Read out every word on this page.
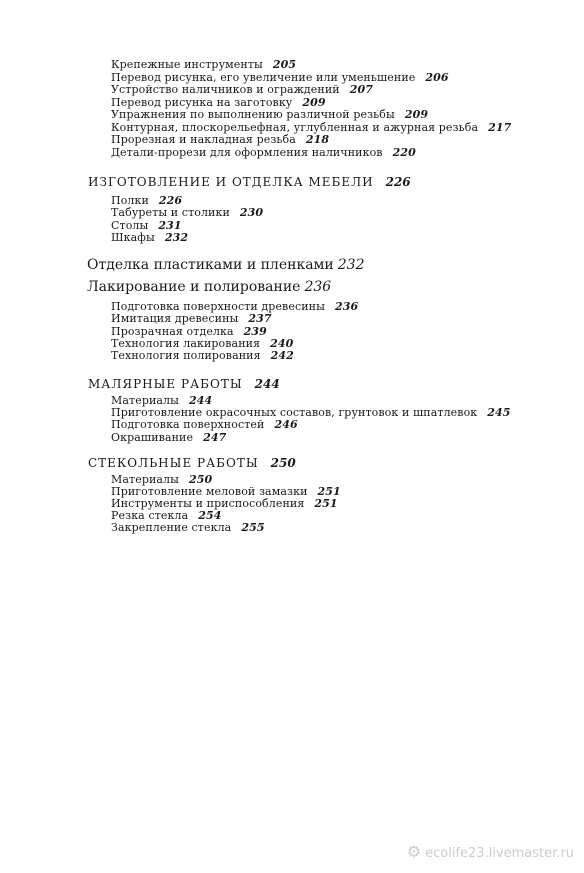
Крепежные инструменты 205
Перевод рисунка, его увеличение или уменьшение 206
Устройство наличников и ограждений 207
Перевод рисунка на заготовку 209
Упражнения по выполнению различной резьбы 209
Контурная, плоскорельефная, углубленная и ажурная резьба 217
Прорезная и накладная резьба 218
Детали-прорези для оформления наличников 220
ИЗГОТОВЛЕНИЕ И ОТДЕЛКА МЕБЕЛИ 226
Полки 226
Табуреты и столики 230
Столы 231
Шкафы 232
Отделка пластиками и пленками 232
Лакирование и полирование 236
Подготовка поверхности древесины 236
Имитация древесины 237
Прозрачная отделка 239
Технология лакирования 240
Технология полирования 242
МАЛЯРНЫЕ РАБОТЫ 244
Материалы 244
Приготовление окрасочных составов, грунтовок и шпатлевок 245
Подготовка поверхностей 246
Окрашивание 247
СТЕКОЛЬНЫЕ РАБОТЫ 250
Материалы 250
Приготовление меловой замазки 251
Инструменты и приспособления 251
Резка стекла 254
Закрепление стекла 255
⚙ ecolife23.livemaster.ru
